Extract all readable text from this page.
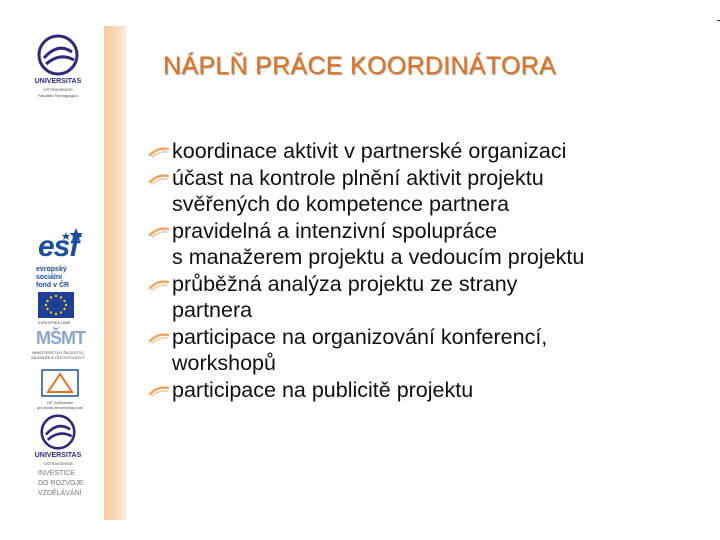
UNIVERSITAS
OSTRAVIENSIS
Facultas Paedagogica
esf
evropský
sociální
fond v ČR
EVROPSKÁ UNIE
MŠMT
MINISTERSTVO ŠKOLSTVÍ,
MLÁDEŽE A TĚLOVÝCHOVY
OP Vzdělávání
pro konkurenceschopnost
UNIVERSITAS
OSTRAVIENSIS
INVESTICE
DO ROZVOJE
VZDĚLÁVÁNÍ
NÁPLŇ PRÁCE KOORDINÁTORA
koordinace aktivit v partnerské organizaci
účast na kontrole plnění aktivit projektu
svěřených do kompetence partnera
pravidelná a intenzivní spolupráce
s manažerem projektu a vedoucím projektu
průběžná analýza projektu ze strany
partnera
participace na organizování konferencí,
workshopů
participace na publicitě projektu
